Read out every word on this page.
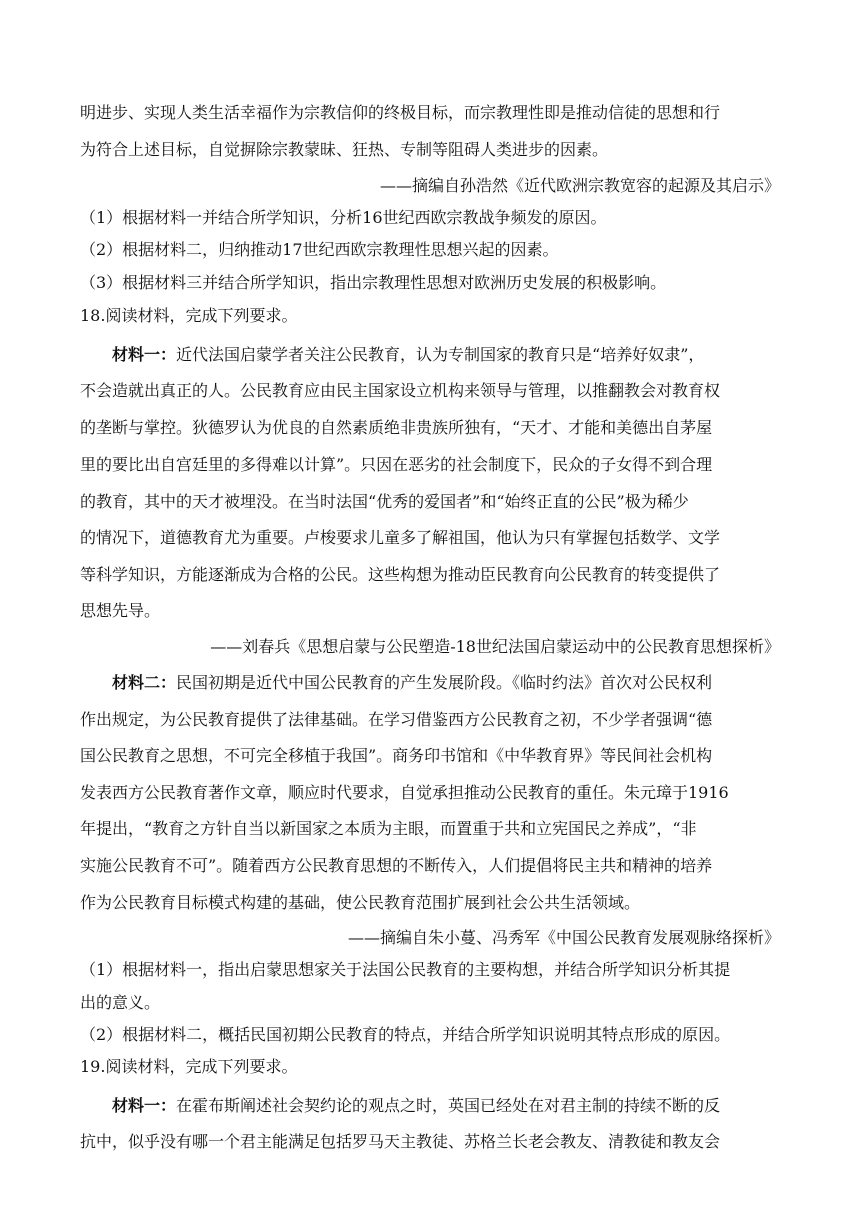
明进步、实现人类生活幸福作为宗教信仰的终极目标，而宗教理性即是推动信徒的思想和行
为符合上述目标，自觉摒除宗教蒙昧、狂热、专制等阻碍人类进步的因素。
——摘编自孙浩然《近代欧洲宗教宽容的起源及其启示》
（1）根据材料一并结合所学知识，分析16世纪西欧宗教战争频发的原因。
（2）根据材料二，归纳推动17世纪西欧宗教理性思想兴起的因素。
（3）根据材料三并结合所学知识，指出宗教理性思想对欧洲历史发展的积极影响。
18.阅读材料，完成下列要求。
材料一：近代法国启蒙学者关注公民教育，认为专制国家的教育只是“培养好奴隶”，
不会造就出真正的人。公民教育应由民主国家设立机构来领导与管理，以推翻教会对教育权
的垄断与掌控。狄德罗认为优良的自然素质绝非贵族所独有，“天才、才能和美德出自茅屋
里的要比出自宫廷里的多得难以计算”。只因在恶劣的社会制度下，民众的子女得不到合理
的教育，其中的天才被埋没。在当时法国“优秀的爱国者”和“始终正直的公民”极为稀少
的情况下，道德教育尤为重要。卢梭要求儿童多了解祖国，他认为只有掌握包括数学、文学
等科学知识，方能逐渐成为合格的公民。这些构想为推动臣民教育向公民教育的转变提供了
思想先导。
——刘春兵《思想启蒙与公民塑造-18世纪法国启蒙运动中的公民教育思想探析》
材料二：民国初期是近代中国公民教育的产生发展阶段。《临时约法》首次对公民权利
作出规定，为公民教育提供了法律基础。在学习借鉴西方公民教育之初，不少学者强调“德
国公民教育之思想，不可完全移植于我国”。商务印书馆和《中华教育界》等民间社会机构
发表西方公民教育著作文章，顺应时代要求，自觉承担推动公民教育的重任。朱元璋于1916
年提出，“教育之方针自当以新国家之本质为主眼，而置重于共和立宪国民之养成”，“非
实施公民教育不可”。随着西方公民教育思想的不断传入，人们提倡将民主共和精神的培养
作为公民教育目标模式构建的基础，使公民教育范围扩展到社会公共生活领域。
——摘编自朱小蔓、冯秀军《中国公民教育发展观脉络探析》
（1）根据材料一，指出启蒙思想家关于法国公民教育的主要构想，并结合所学知识分析其提
出的意义。
（2）根据材料二，概括民国初期公民教育的特点，并结合所学知识说明其特点形成的原因。
19.阅读材料，完成下列要求。
材料一：在霍布斯阐述社会契约论的观点之时，英国已经处在对君主制的持续不断的反
抗中，似乎没有哪一个君主能满足包括罗马天主教徒、苏格兰长老会教友、清教徒和教友会
